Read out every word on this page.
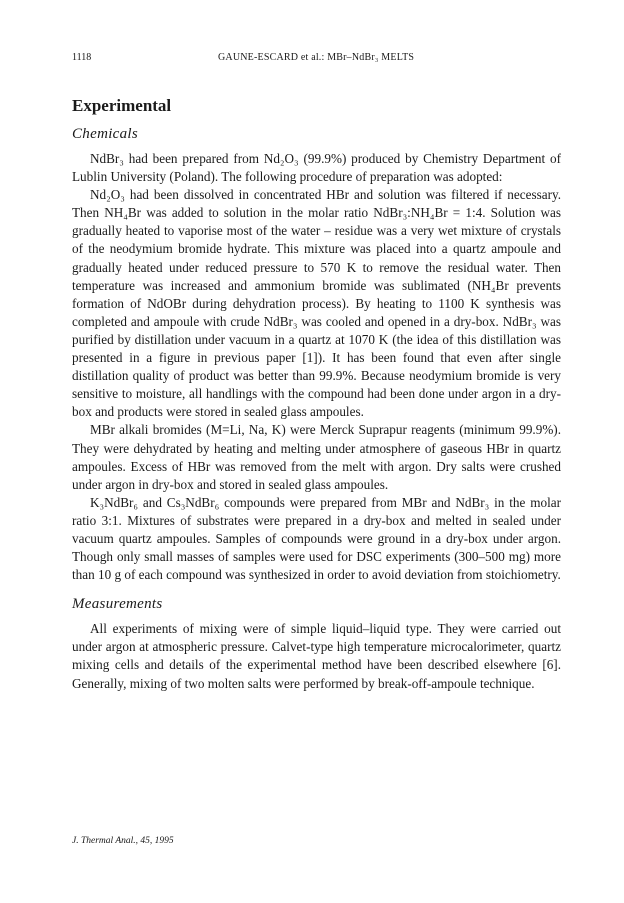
1118	GAUNE-ESCARD et al.: MBr–NdBr₃ MELTS
Experimental
Chemicals

NdBr₃ had been prepared from Nd₂O₃ (99.9%) produced by Chemistry Department of Lublin University (Poland). The following procedure of preparation was adopted:

Nd₂O₃ had been dissolved in concentrated HBr and solution was filtered if necessary. Then NH₄Br was added to solution in the molar ratio NdBr₃:NH₄Br = 1:4. Solution was gradually heated to vaporise most of the water – residue was a very wet mixture of crystals of the neodymium bromide hydrate. This mixture was placed into a quartz ampoule and gradually heated under reduced pressure to 570 K to remove the residual water. Then temperature was increased and ammonium bromide was sublimated (NH₄Br prevents formation of NdOBr during dehydration process). By heating to 1100 K synthesis was completed and ampoule with crude NdBr₃ was cooled and opened in a dry-box. NdBr₃ was purified by distillation under vacuum in a quartz at 1070 K (the idea of this distillation was presented in a figure in previous paper [1]). It has been found that even after single distillation quality of product was better than 99.9%. Because neodymium bromide is very sensitive to moisture, all handlings with the compound had been done under argon in a dry-box and products were stored in sealed glass ampoules.

MBr alkali bromides (M=Li, Na, K) were Merck Suprapur reagents (minimum 99.9%). They were dehydrated by heating and melting under atmosphere of gaseous HBr in quartz ampoules. Excess of HBr was removed from the melt with argon. Dry salts were crushed under argon in dry-box and stored in sealed glass ampoules.

K₃NdBr₆ and Cs₃NdBr₆ compounds were prepared from MBr and NdBr₃ in the molar ratio 3:1. Mixtures of substrates were prepared in a dry-box and melted in sealed under vacuum quartz ampoules. Samples of compounds were ground in a dry-box under argon. Though only small masses of samples were used for DSC experiments (300–500 mg) more than 10 g of each compound was synthesized in order to avoid deviation from stoichiometry.

Measurements

All experiments of mixing were of simple liquid–liquid type. They were carried out under argon at atmospheric pressure. Calvet-type high temperature microcalorimeter, quartz mixing cells and details of the experimental method have been described elsewhere [6]. Generally, mixing of two molten salts were performed by break-off-ampoule technique.

J. Thermal Anal., 45, 1995
